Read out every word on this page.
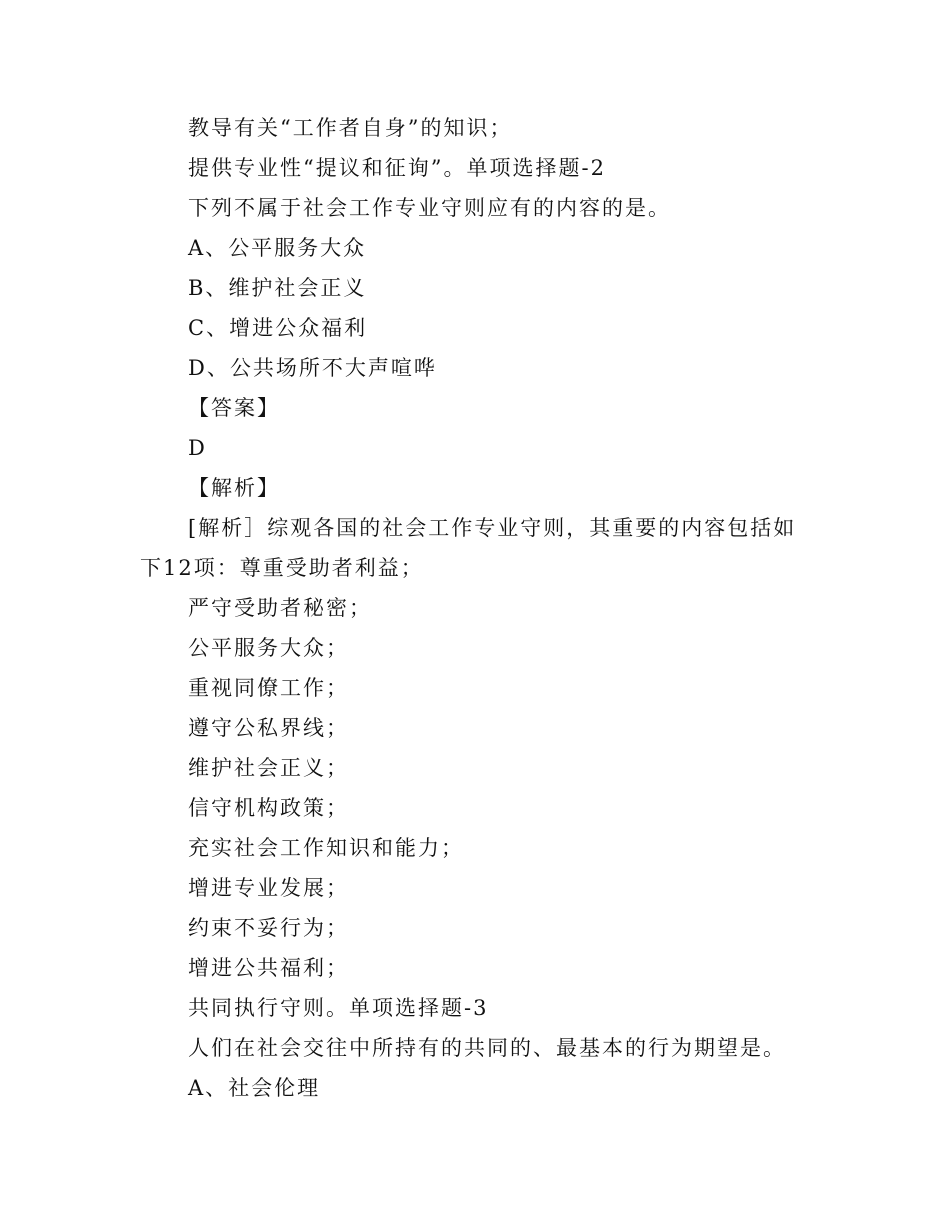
教导有关“工作者自身”的知识；
提供专业性“提议和征询”。单项选择题-2
下列不属于社会工作专业守则应有的内容的是。
A、公平服务大众
B、维护社会正义
C、增进公众福利
D、公共场所不大声喧哗
【答案】
D
【解析】
[解析］综观各国的社会工作专业守则，其重要的内容包括如
下12项：尊重受助者利益；
严守受助者秘密；
公平服务大众；
重视同僚工作；
遵守公私界线；
维护社会正义；
信守机构政策；
充实社会工作知识和能力；
增进专业发展；
约束不妥行为；
增进公共福利；
共同执行守则。单项选择题-3
人们在社会交往中所持有的共同的、最基本的行为期望是。
A、社会伦理
